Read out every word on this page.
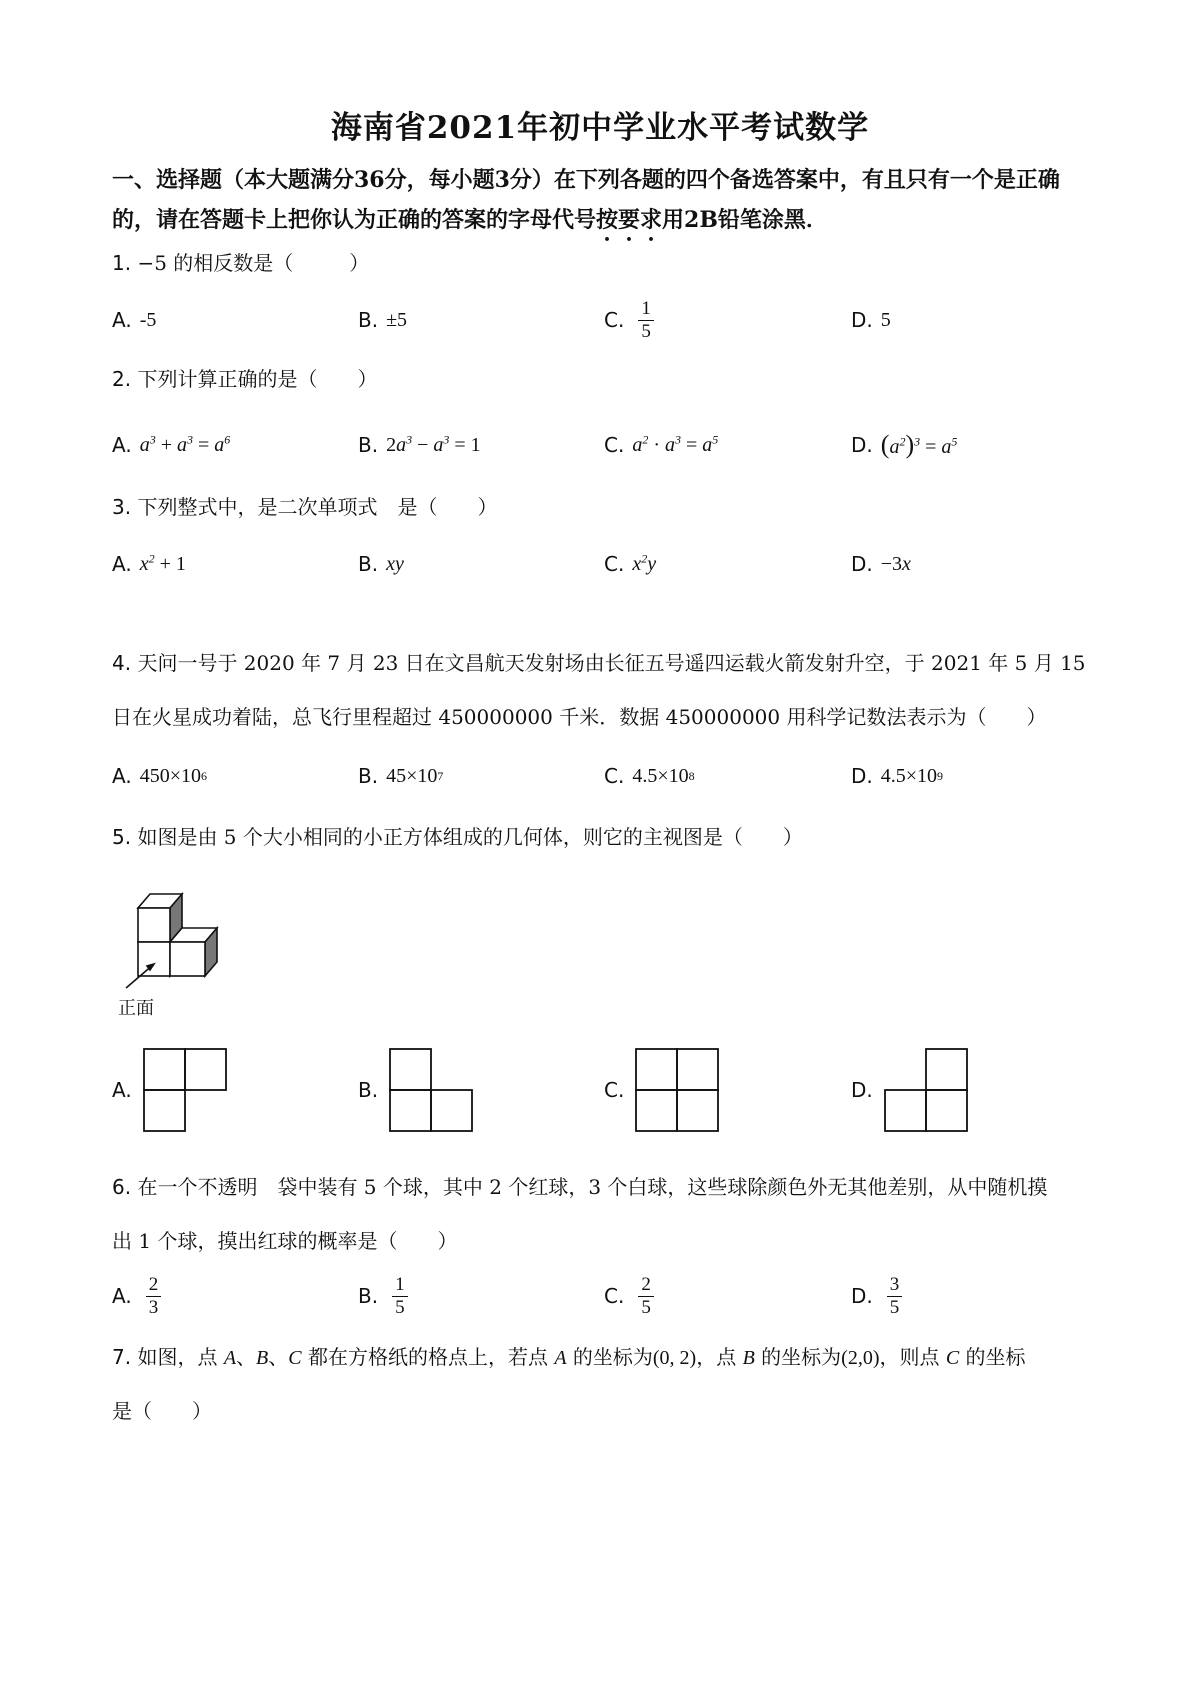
海南省2021年初中学业水平考试数学
一、选择题（本大题满分36分，每小题3分）在下列各题的四个备选答案中，有且只有一个是正确的，请在答题卡上把你认为正确的答案的字母代号按要求用2B铅笔涂黑．
1. −5 的相反数是（	）
A. -5	B. ±5	C. $\frac{1}{5}$	D. 5
2. 下列计算正确的是（　　）
A. $a^3 + a^3 = a^6$	B. $2a^3 - a^3 = 1$	C. $a^2 \cdot a^3 = a^5$	D. $(a^2)^3 = a^5$
3. 下列整式中，是二次单项式　是（　　）
A. $x^2 + 1$	B. xy	C. $x^2y$	D. −3x
4. 天问一号于 2020 年 7 月 23 日在文昌航天发射场由长征五号遥四运载火箭发射升空，于 2021 年 5 月 15
日在火星成功着陆，总飞行里程超过 450000000 千米．数据 450000000 用科学记数法表示为（　　）
A. 450×10 6	B. 45×10 7	C. 4.5×10 8	D. 4.5×10 9
5. 如图是由 5 个大小相同的小正方体组成的几何体，则它的主视图是（　　）
正面
A.	B.	C.	D.
6. 在一个不透明　袋中装有 5 个球，其中 2 个红球，3 个白球，这些球除颜色外无其他差别，从中随机摸
出 1 个球，摸出红球的概率是（　　）
A. $\frac{2}{3}$	B. $\frac{1}{5}$	C. $\frac{2}{5}$	D. $\frac{3}{5}$
7. 如图，点 A、B、C 都在方格纸的格点上，若点 A 的坐标为(0, 2)，点 B 的坐标为(2,0)，则点 C 的坐标
是（　　）
